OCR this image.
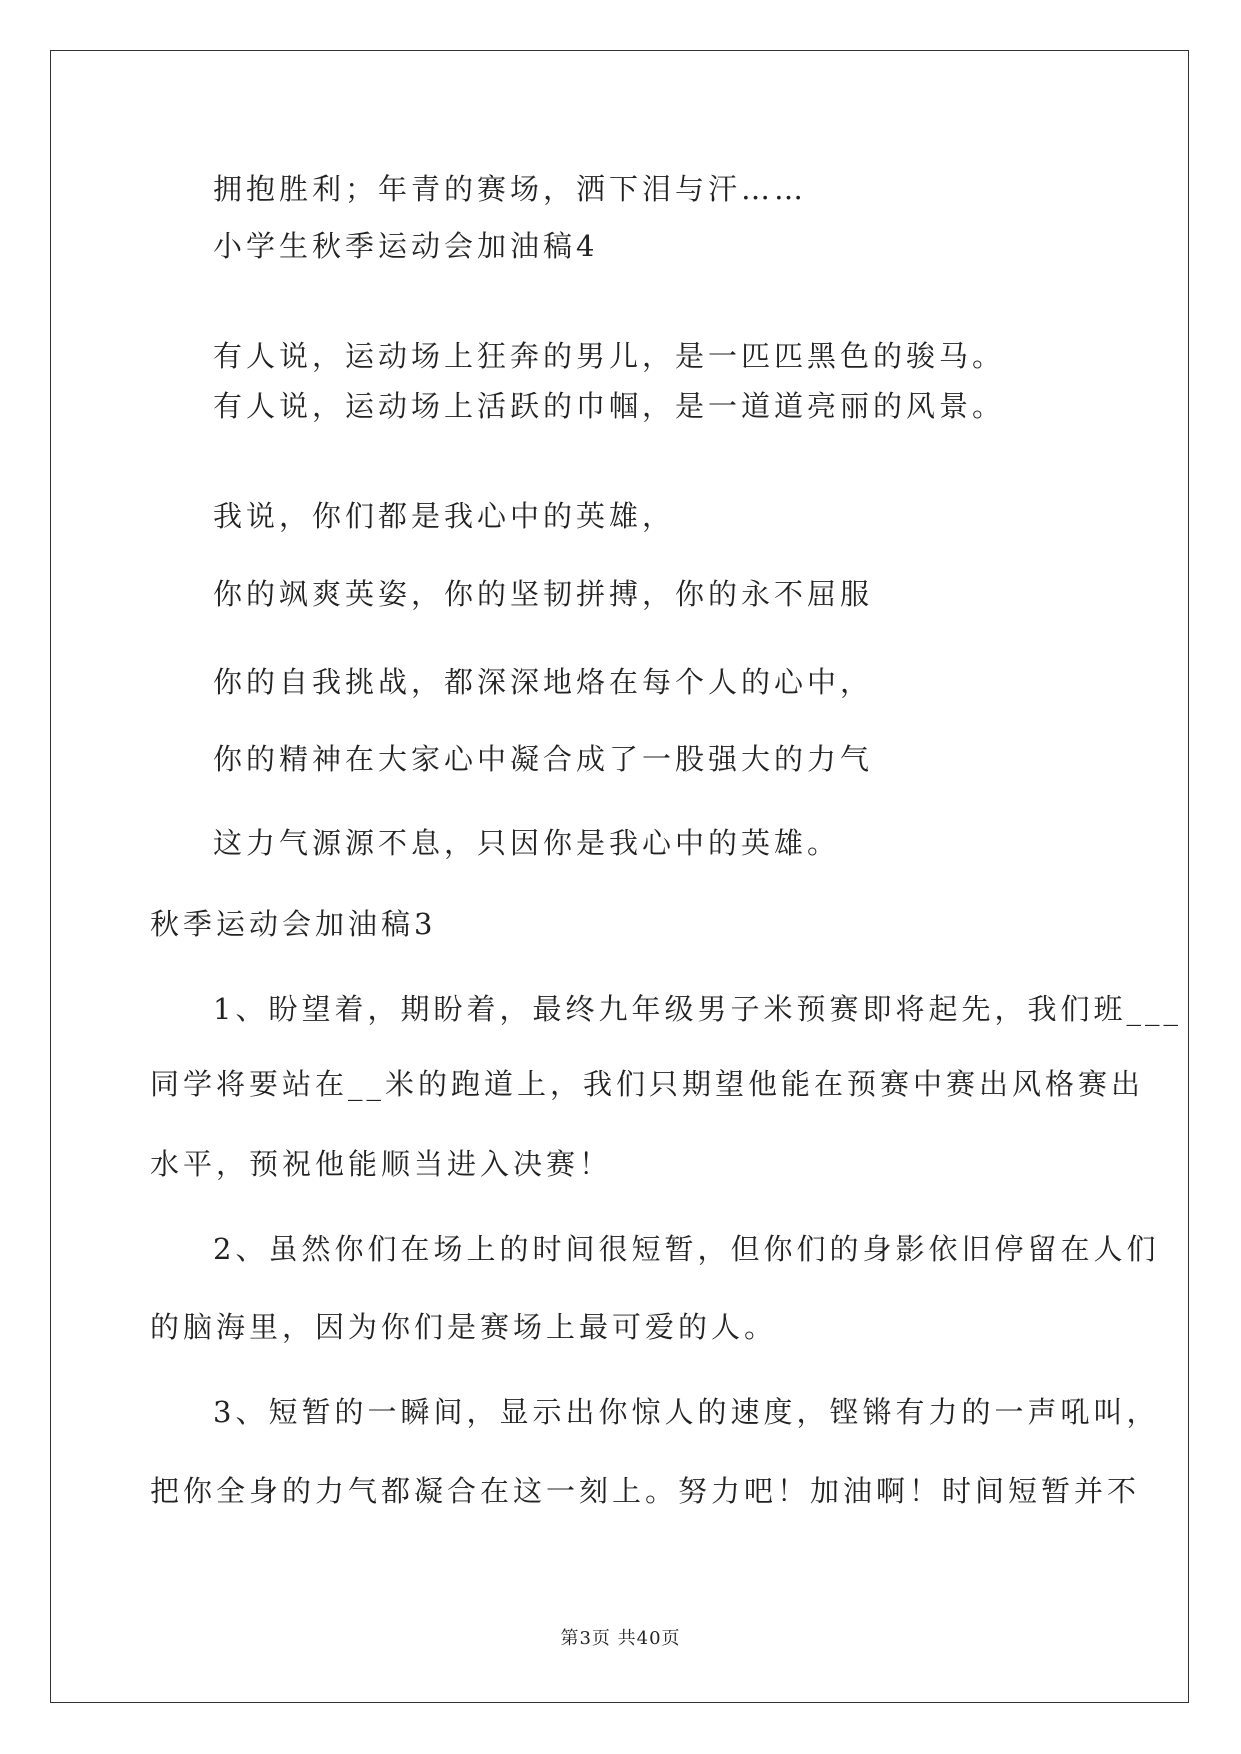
拥抱胜利；年青的赛场，洒下泪与汗……
小学生秋季运动会加油稿4
有人说，运动场上狂奔的男儿，是一匹匹黑色的骏马。
有人说，运动场上活跃的巾帼，是一道道亮丽的风景。
我说，你们都是我心中的英雄，
你的飒爽英姿，你的坚韧拼搏，你的永不屈服
你的自我挑战，都深深地烙在每个人的心中，
你的精神在大家心中凝合成了一股强大的力气
这力气源源不息，只因你是我心中的英雄。
秋季运动会加油稿3
1、盼望着，期盼着，最终九年级男子米预赛即将起先，我们班___
同学将要站在__米的跑道上，我们只期望他能在预赛中赛出风格赛出
水平，预祝他能顺当进入决赛！
2、虽然你们在场上的时间很短暂，但你们的身影依旧停留在人们
的脑海里，因为你们是赛场上最可爱的人。
3、短暂的一瞬间，显示出你惊人的速度，铿锵有力的一声吼叫，
把你全身的力气都凝合在这一刻上。努力吧！加油啊！时间短暂并不
第3页 共40页
